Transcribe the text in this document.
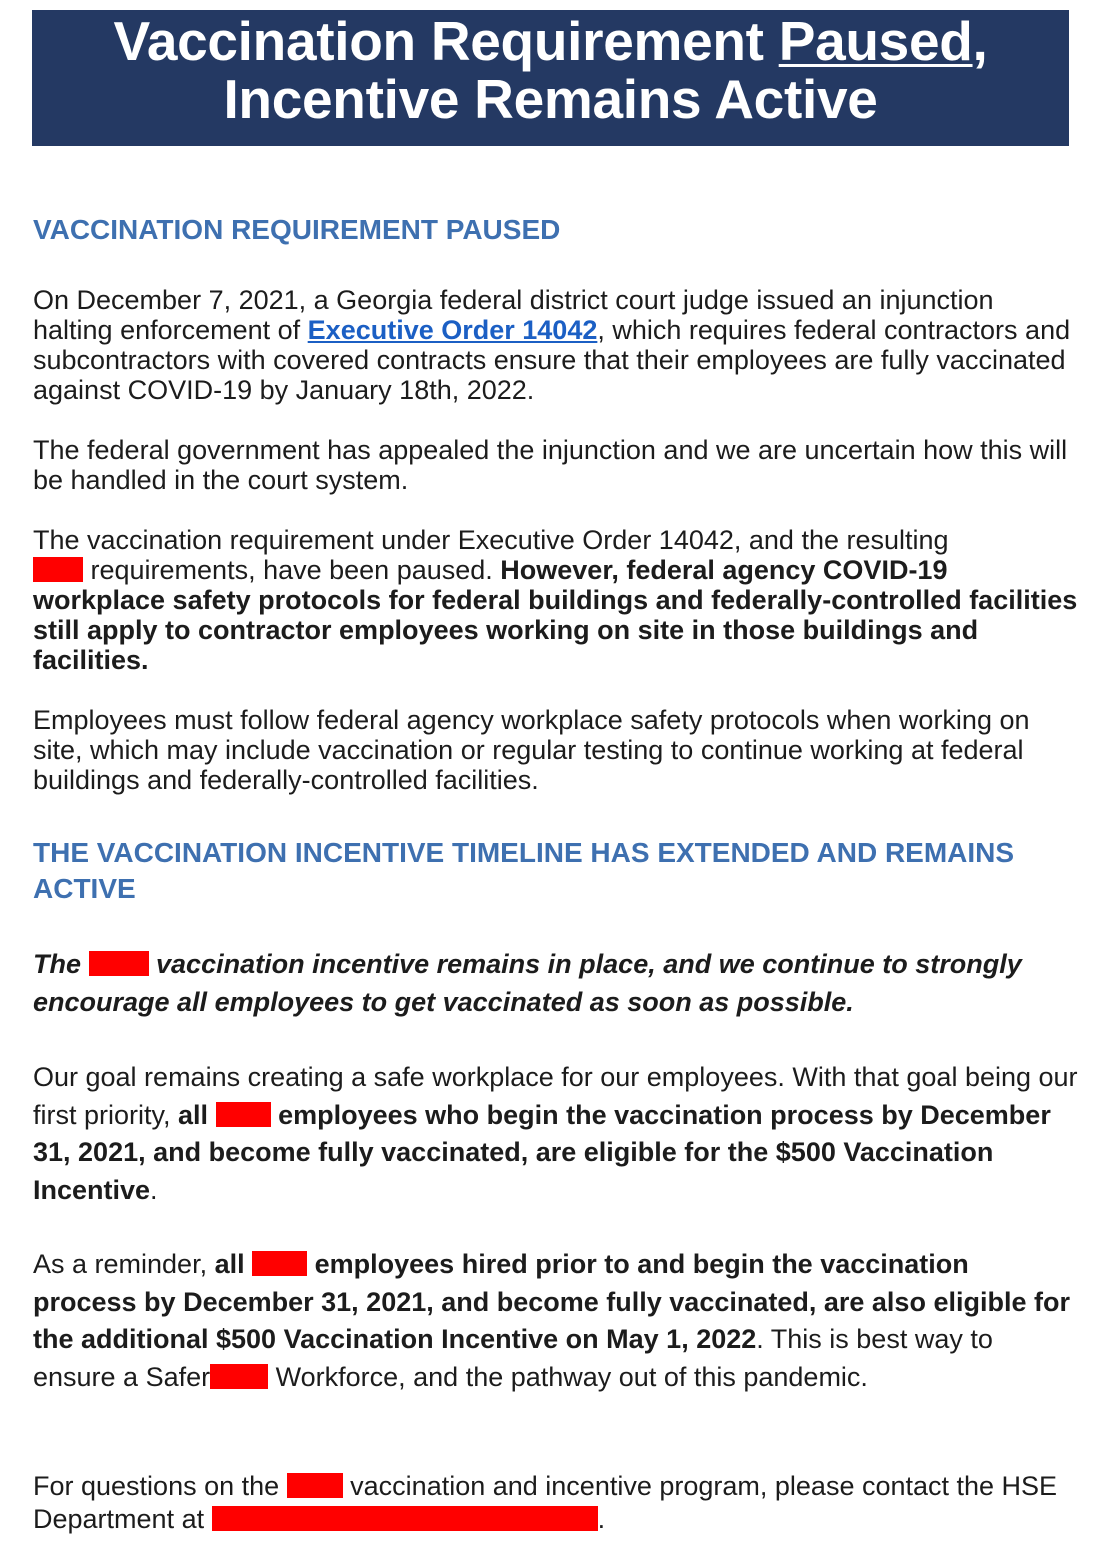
Vaccination Requirement Paused,
Incentive Remains Active
VACCINATION REQUIREMENT PAUSED
On December 7, 2021, a Georgia federal district court judge issued an injunction halting enforcement of Executive Order 14042, which requires federal contractors and subcontractors with covered contracts ensure that their employees are fully vaccinated against COVID-19 by January 18th, 2022.
The federal government has appealed the injunction and we are uncertain how this will be handled in the court system.
The vaccination requirement under Executive Order 14042, and the resulting
requirements, have been paused. However, federal agency COVID-19 workplace safety protocols for federal buildings and federally-controlled facilities still apply to contractor employees working on site in those buildings and facilities.
Employees must follow federal agency workplace safety protocols when working on site, which may include vaccination or regular testing to continue working at federal buildings and federally-controlled facilities.
THE VACCINATION INCENTIVE TIMELINE HAS EXTENDED AND REMAINS ACTIVE
The  vaccination incentive remains in place, and we continue to strongly encourage all employees to get vaccinated as soon as possible.
Our goal remains creating a safe workplace for our employees. With that goal being our first priority, all  employees who begin the vaccination process by December 31, 2021, and become fully vaccinated, are eligible for the $500 Vaccination Incentive.
As a reminder, all  employees hired prior to and begin the vaccination process by December 31, 2021, and become fully vaccinated, are also eligible for the additional $500 Vaccination Incentive on May 1, 2022. This is best way to ensure a Safer Workforce, and the pathway out of this pandemic.
For questions on the  vaccination and incentive program, please contact the HSE Department at	.
